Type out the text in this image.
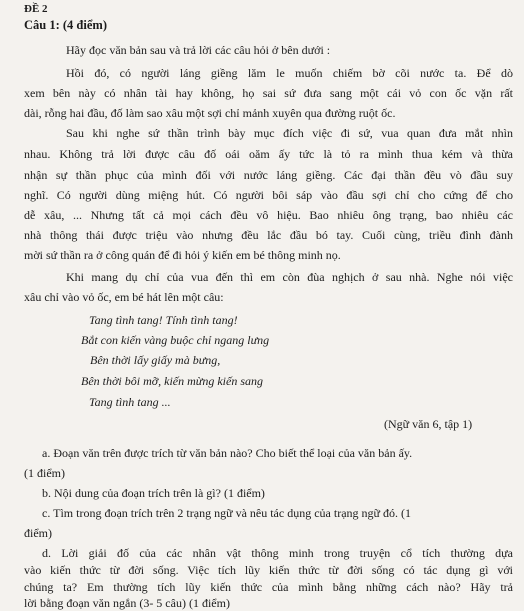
ĐỀ 2
Câu 1: (4 điểm)
Hãy đọc văn bản sau và trả lời các câu hỏi ở bên dưới :
Hồi đó, có người láng giềng lăm le muốn chiếm bờ cõi nước ta. Để dò
xem bên này có nhân tài hay không, họ sai sứ đưa sang một cái vỏ con ốc vặn rất
dài, rỗng hai đầu, đố làm sao xâu một sợi chỉ mảnh xuyên qua đường ruột ốc.
Sau khi nghe sứ thần trình bày mục đích việc đi sứ, vua quan đưa mắt nhìn
nhau. Không trả lời được câu đố oái oăm ấy tức là tỏ ra mình thua kém và thừa
nhận sự thần phục của mình đối với nước láng giềng. Các đại thần đều vò đầu suy
nghĩ. Có người dùng miệng hút. Có người bôi sáp vào đầu sợi chỉ cho cứng để cho
dễ xâu, ... Nhưng tất cả mọi cách đều vô hiệu. Bao nhiêu ông trạng, bao nhiêu các
nhà thông thái được triệu vào nhưng đều lắc đầu bó tay. Cuối cùng, triều đình đành
mời sứ thần ra ở công quán để đi hỏi ý kiến em bé thông minh nọ.
Khi mang dụ chỉ của vua đến thì em còn đùa nghịch ở sau nhà. Nghe nói việc
xâu chỉ vào vỏ ốc, em bé hát lên một câu:
Tang tình tang! Tính tình tang!
Bắt con kiến vàng buộc chỉ ngang lưng
Bên thời lấy giấy mà bưng,
Bên thời bôi mỡ, kiến mừng kiến sang
Tang tình tang ...
(Ngữ văn 6, tập 1)
a. Đoạn văn trên được trích từ văn bản nào? Cho biết thể loại của văn bản ấy.
(1 điểm)
b. Nội dung của đoạn trích trên là gì? (1 điểm)
c. Tìm trong đoạn trích trên 2 trạng ngữ và nêu tác dụng của trạng ngữ đó. (1
điểm)
d. Lời giải đố của các nhân vật thông minh trong truyện cổ tích thường dựa
vào kiến thức từ đời sống. Việc tích lũy kiến thức từ đời sống có tác dụng gì với
chúng ta? Em thường tích lũy kiến thức của mình bằng những cách nào? Hãy trả
lời bằng đoạn văn ngắn (3- 5 câu) (1 điểm)
